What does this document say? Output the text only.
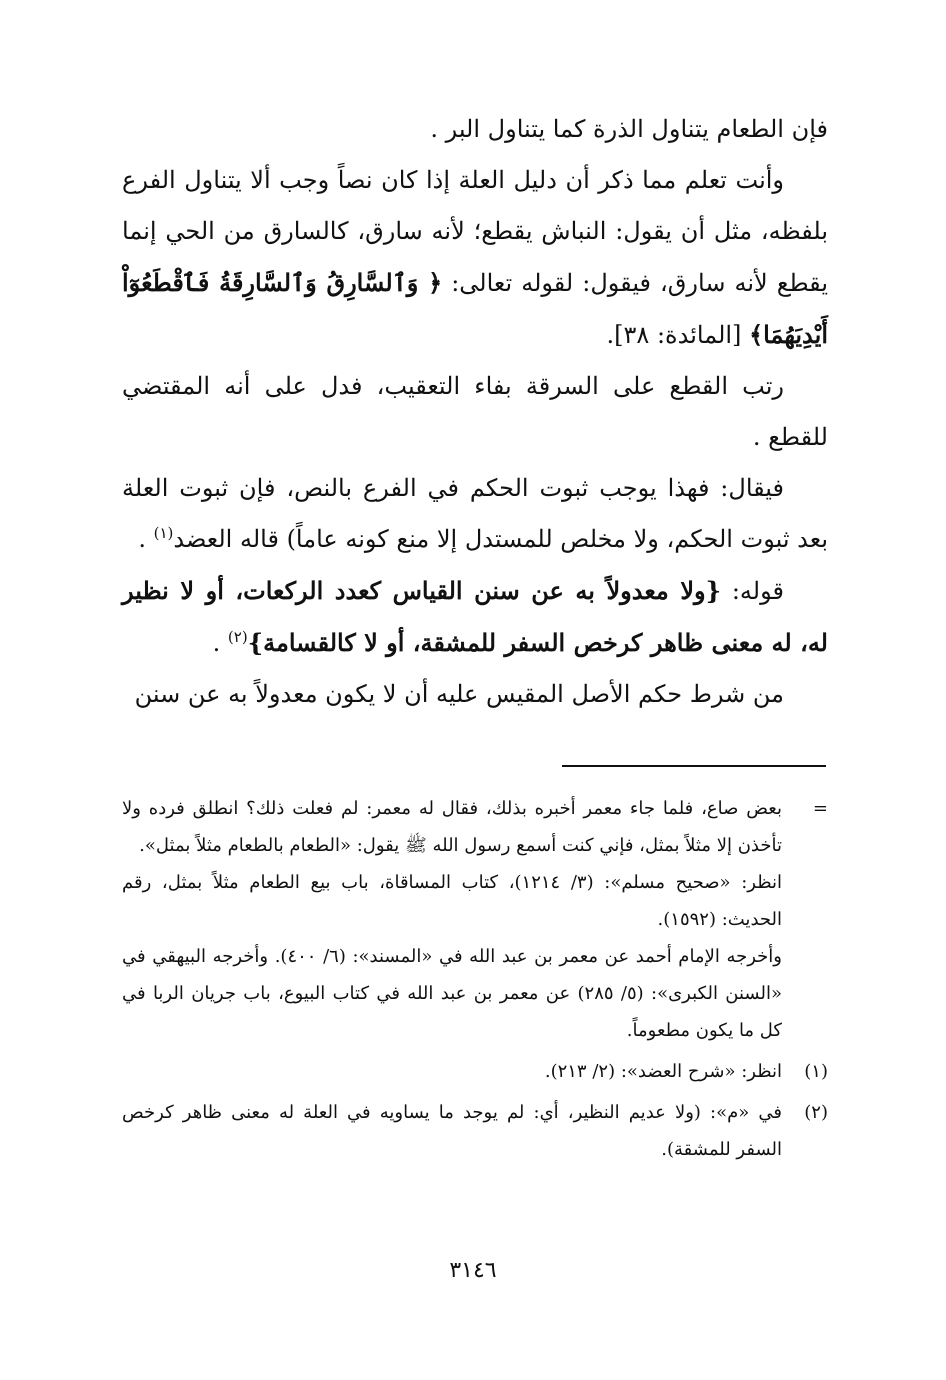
فإن الطعام يتناول الذرة كما يتناول البر .

وأنت تعلم مما ذكر أن دليل العلة إذا كان نصاً وجب ألا يتناول الفرع بلفظه، مثل أن يقول: النباش يقطع؛ لأنه سارق، كالسارق من الحي إنما يقطع لأنه سارق، فيقول: لقوله تعالى: ﴿ وَٱلسَّارِقُ وَٱلسَّارِقَةُ فَٱقْطَعُوٓاْ أَيْدِيَهُمَا﴾ [المائدة: ٣٨].

رتب القطع على السرقة بفاء التعقيب، فدل على أنه المقتضي للقطع .

فيقال: فهذا يوجب ثبوت الحكم في الفرع بالنص، فإن ثبوت العلة بعد ثبوت الحكم، ولا مخلص للمستدل إلا منع كونه عاماً) قاله العضد$^{(١)}$ .

قوله: {ولا معدولاً به عن سنن القياس كعدد الركعات، أو لا نظير له، له معنى ظاهر كرخص السفر للمشقة، أو لا كالقسامة}$^{(٢)}$ .

من شرط حكم الأصل المقيس عليه أن لا يكون معدولاً به عن سنن

=

بعض صاع، فلما جاء معمر أخبره بذلك، فقال له معمر: لم فعلت ذلك؟ انطلق فرده ولا تأخذن إلا مثلاً بمثل، فإني كنت أسمع رسول الله ﷺ يقول: «الطعام بالطعام مثلاً بمثل».

انظر: «صحيح مسلم»: (٣/ ١٢١٤)، كتاب المساقاة، باب بيع الطعام مثلاً بمثل، رقم الحديث: (١٥٩٢).

وأخرجه الإمام أحمد عن معمر بن عبد الله في «المسند»: (٦/ ٤٠٠). وأخرجه البيهقي في «السنن الكبرى»: (٥/ ٢٨٥) عن معمر بن عبد الله في كتاب البيوع، باب جريان الربا في كل ما يكون مطعوماً.

(١)

انظر: «شرح العضد»: (٢/ ٢١٣).

(٢)

في «م»: (ولا عديم النظير، أي: لم يوجد ما يساويه في العلة له معنى ظاهر كرخص السفر للمشقة).

٣١٤٦
